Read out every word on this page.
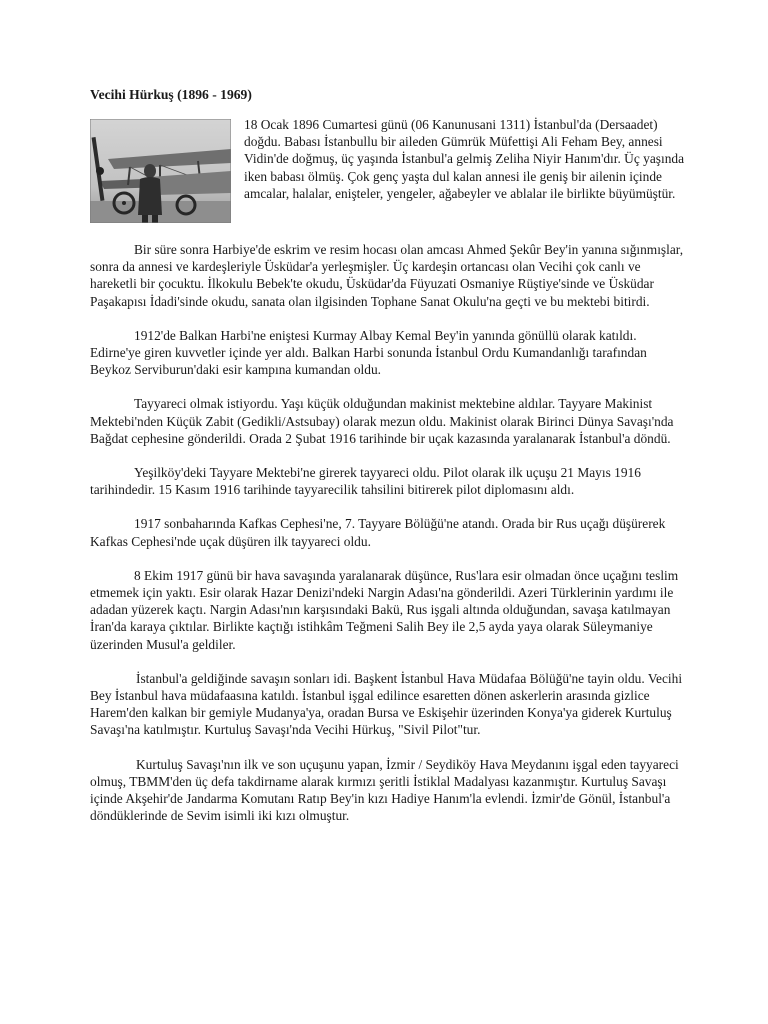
Vecihi Hürkuş (1896 - 1969)

18 Ocak 1896 Cumartesi günü (06 Kanunusani 1311) İstanbul'da (Dersaadet) doğdu. Babası İstanbullu bir aileden Gümrük Müfettişi Ali Feham Bey, annesi Vidin'de doğmuş, üç yaşında İstanbul'a gelmiş Zeliha Niyir Hanım'dır. Üç yaşında iken babası ölmüş. Çok genç yaşta dul kalan annesi ile geniş bir ailenin içinde amcalar, halalar, enişteler, yengeler, ağabeyler ve ablalar ile birlikte büyümüştür.

Bir süre sonra Harbiye'de eskrim ve resim hocası olan amcası Ahmed Şekûr Bey'in yanına sığınmışlar, sonra da annesi ve kardeşleriyle Üsküdar'a yerleşmişler. Üç kardeşin ortancası olan Vecihi çok canlı ve hareketli bir çocuktu. İlkokulu Bebek'te okudu, Üsküdar'da Füyuzati Osmaniye Rüştiye'sinde ve Üsküdar Paşakapısı İdadi'sinde okudu, sanata olan ilgisinden Tophane Sanat Okulu'na geçti ve bu mektebi bitirdi.

1912'de Balkan Harbi'ne eniştesi Kurmay Albay Kemal Bey'in yanında gönüllü olarak katıldı. Edirne'ye giren kuvvetler içinde yer aldı. Balkan Harbi sonunda İstanbul Ordu Kumandanlığı tarafından Beykoz Serviburun'daki esir kampına kumandan oldu.

Tayyareci olmak istiyordu. Yaşı küçük olduğundan makinist mektebine aldılar. Tayyare Makinist Mektebi'nden Küçük Zabit (Gedikli/Astsubay) olarak mezun oldu. Makinist olarak Birinci Dünya Savaşı'nda Bağdat cephesine gönderildi. Orada 2 Şubat 1916 tarihinde bir uçak kazasında yaralanarak İstanbul'a döndü.

Yeşilköy'deki Tayyare Mektebi'ne girerek tayyareci oldu. Pilot olarak ilk uçuşu 21 Mayıs 1916 tarihindedir. 15 Kasım 1916 tarihinde tayyarecilik tahsilini bitirerek pilot diplomasını aldı.

1917 sonbaharında Kafkas Cephesi'ne, 7. Tayyare Bölüğü'ne atandı. Orada bir Rus uçağı düşürerek Kafkas Cephesi'nde uçak düşüren ilk tayyareci oldu.

8 Ekim 1917 günü bir hava savaşında yaralanarak düşünce, Rus'lara esir olmadan önce uçağını teslim etmemek için yaktı. Esir olarak Hazar Denizi'ndeki Nargin Adası'na gönderildi. Azeri Türklerinin yardımı ile adadan yüzerek kaçtı. Nargin Adası'nın karşısındaki Bakü, Rus işgali altında olduğundan, savaşa katılmayan İran'da karaya çıktılar. Birlikte kaçtığı istihkâm Teğmeni Salih Bey ile 2,5 ayda yaya olarak Süleymaniye üzerinden Musul'a geldiler.

İstanbul'a geldiğinde savaşın sonları idi. Başkent İstanbul Hava Müdafaa Bölüğü'ne tayin oldu. Vecihi Bey İstanbul hava müdafaasına katıldı. İstanbul işgal edilince esaretten dönen askerlerin arasında gizlice Harem'den kalkan bir gemiyle Mudanya'ya, oradan Bursa ve Eskişehir üzerinden Konya'ya giderek Kurtuluş Savaşı'na katılmıştır. Kurtuluş Savaşı'nda Vecihi Hürkuş, "Sivil Pilot"tur.

Kurtuluş Savaşı'nın ilk ve son uçuşunu yapan, İzmir / Seydiköy Hava Meydanını işgal eden tayyareci olmuş, TBMM'den üç defa takdirname alarak kırmızı şeritli İstiklal Madalyası kazanmıştır. Kurtuluş Savaşı içinde Akşehir'de Jandarma Komutanı Ratıp Bey'in kızı Hadiye Hanım'la evlendi. İzmir'de Gönül, İstanbul'a döndüklerinde de Sevim isimli iki kızı olmuştur.
